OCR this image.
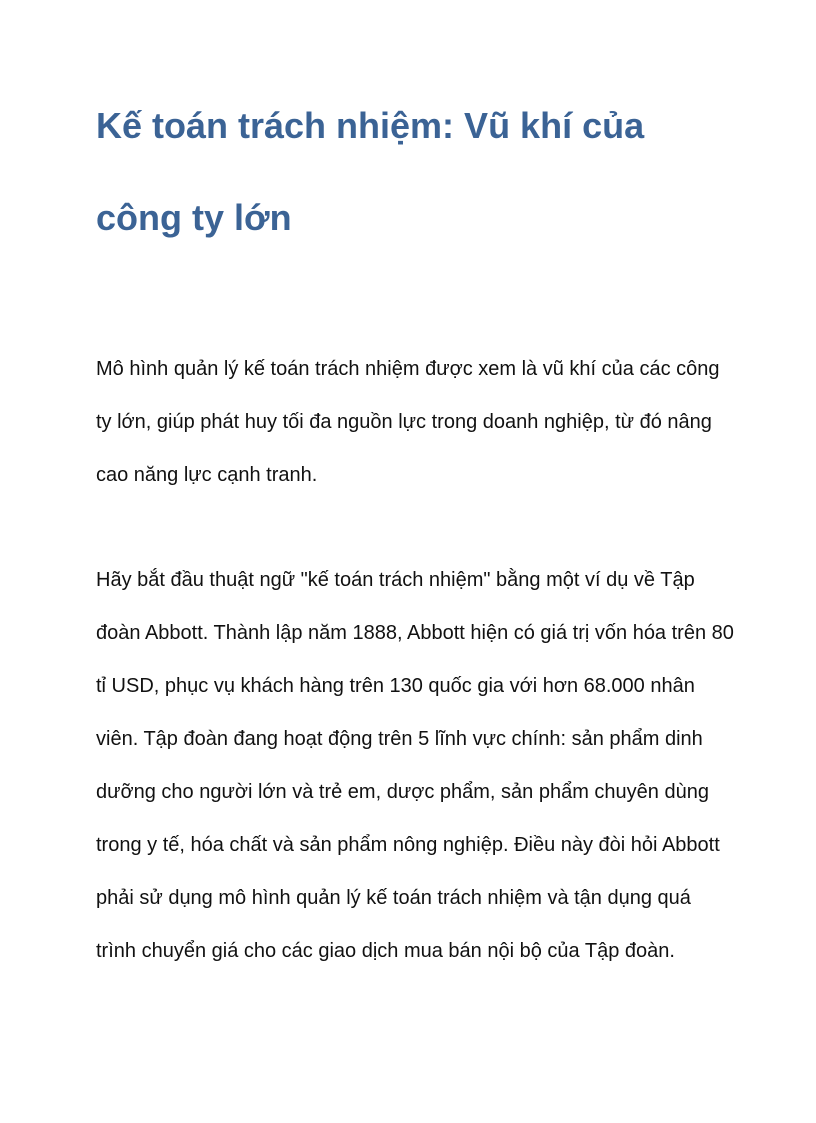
Kế toán trách nhiệm: Vũ khí của công ty lớn

Mô hình quản lý kế toán trách nhiệm được xem là vũ khí của các công ty lớn, giúp phát huy tối đa nguồn lực trong doanh nghiệp, từ đó nâng cao năng lực cạnh tranh.

Hãy bắt đầu thuật ngữ "kế toán trách nhiệm" bằng một ví dụ về Tập đoàn Abbott. Thành lập năm 1888, Abbott hiện có giá trị vốn hóa trên 80 tỉ USD, phục vụ khách hàng trên 130 quốc gia với hơn 68.000 nhân viên. Tập đoàn đang hoạt động trên 5 lĩnh vực chính: sản phẩm dinh dưỡng cho người lớn và trẻ em, dược phẩm, sản phẩm chuyên dùng trong y tế, hóa chất và sản phẩm nông nghiệp. Điều này đòi hỏi Abbott phải sử dụng mô hình quản lý kế toán trách nhiệm và tận dụng quá trình chuyển giá cho các giao dịch mua bán nội bộ của Tập đoàn.
